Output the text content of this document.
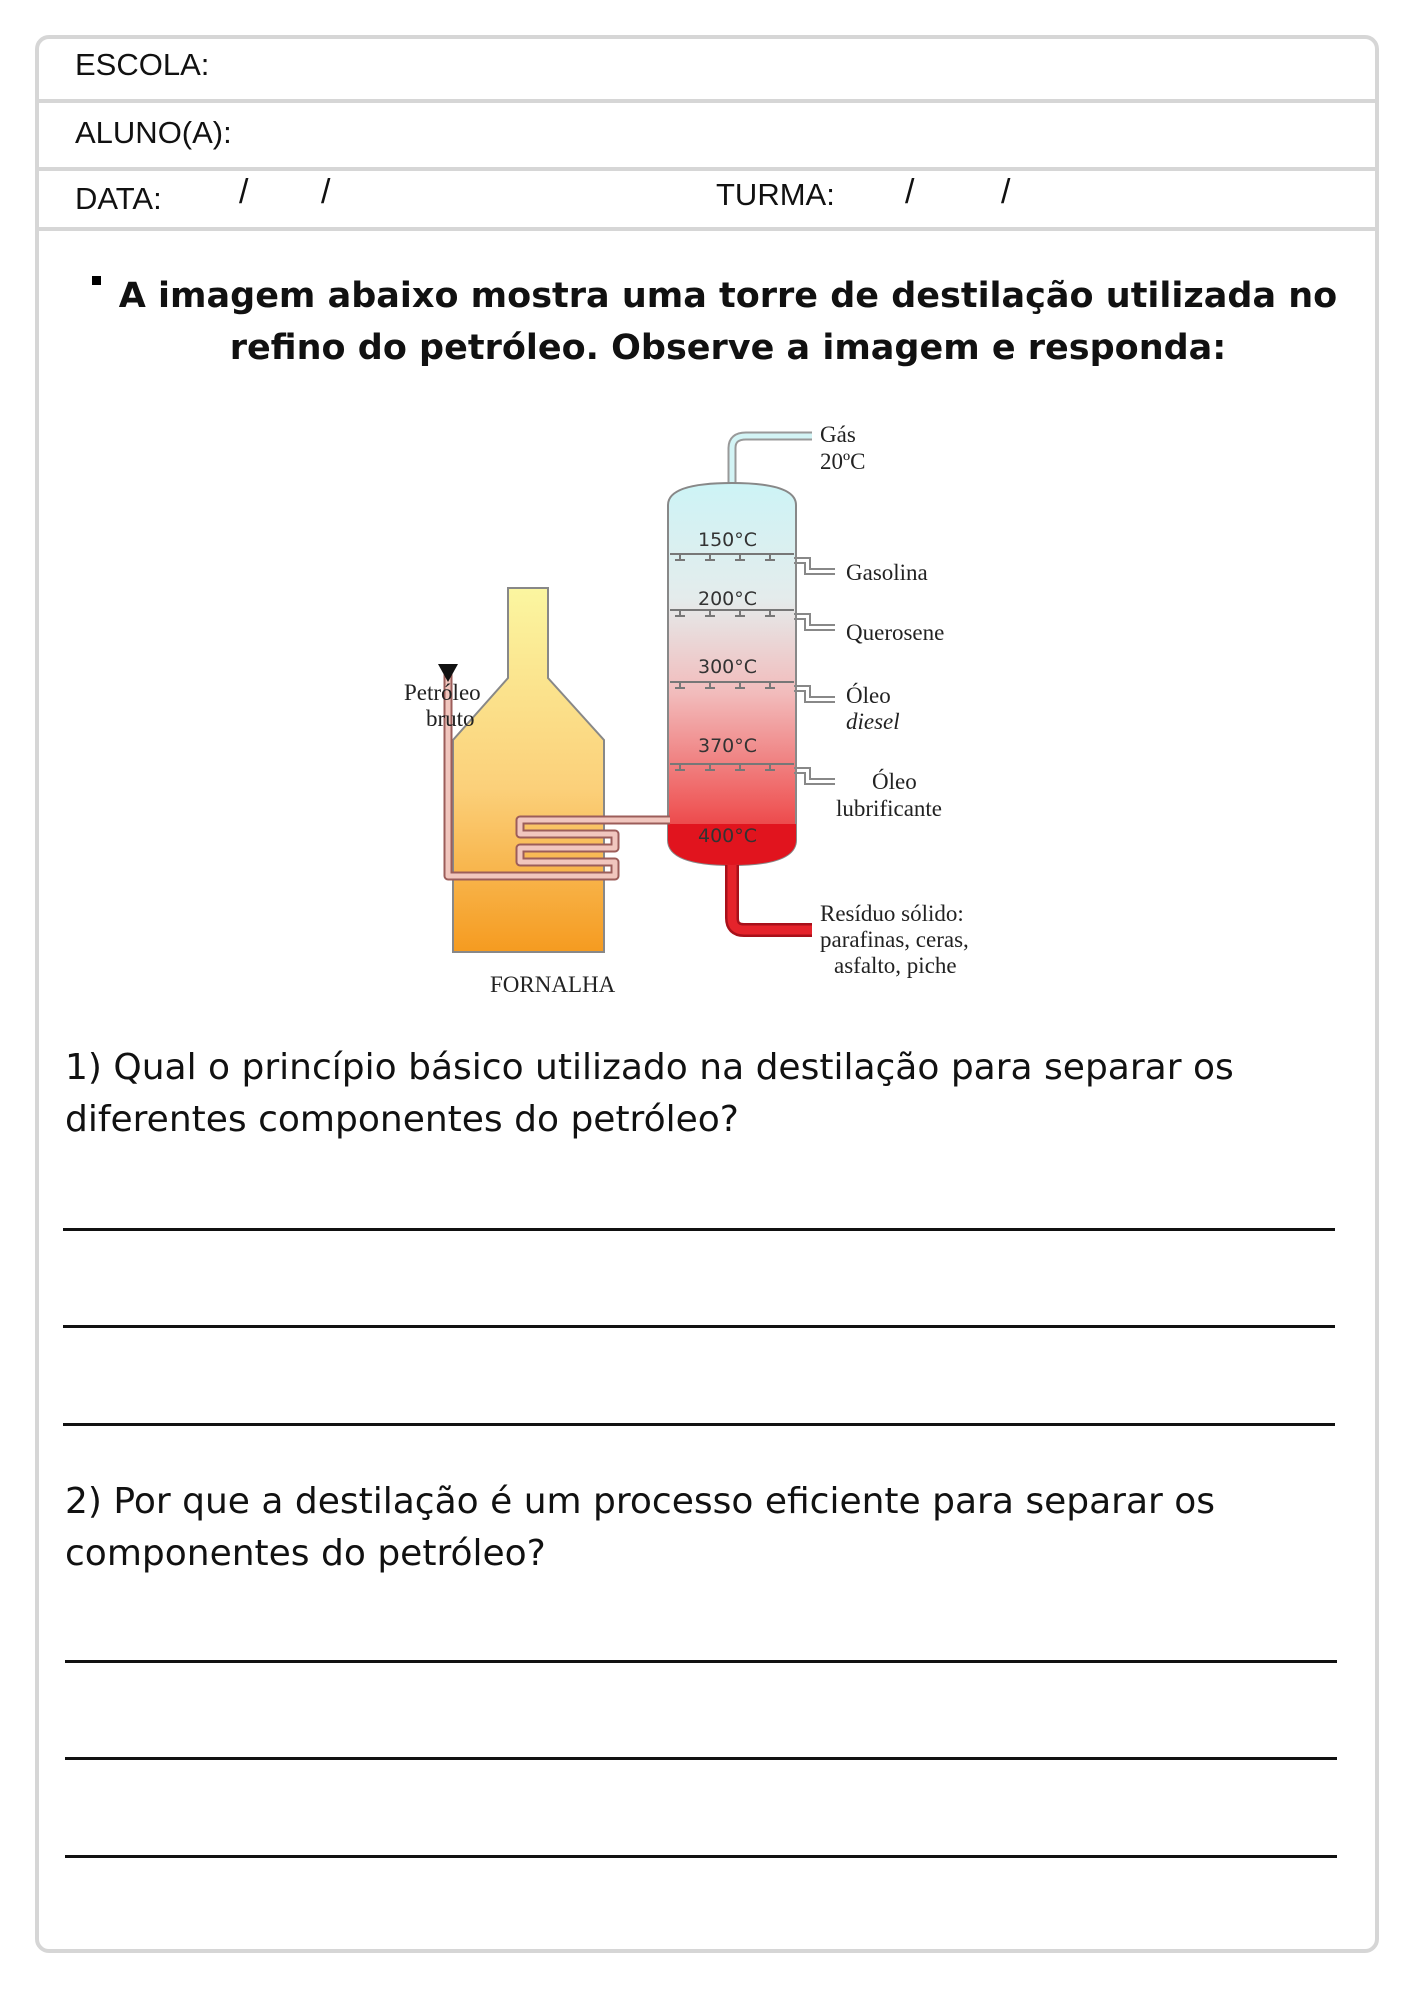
ESCOLA:
ALUNO(A):
DATA: / /	TURMA: /	/
A imagem abaixo mostra uma torre de destilação utilizada no refino do petróleo. Observe a imagem e responda:
150°C
200°C
300°C
370°C
400°C
Gás
20ºC
Gasolina
Querosene
Óleo
diesel
Óleo
lubrificante
Resíduo sólido:
parafinas, ceras,
asfalto, piche
Petróleo
bruto
FORNALHA
1) Qual o princípio básico utilizado na destilação para separar os diferentes componentes do petróleo?
2) Por que a destilação é um processo eficiente para separar os componentes do petróleo?
